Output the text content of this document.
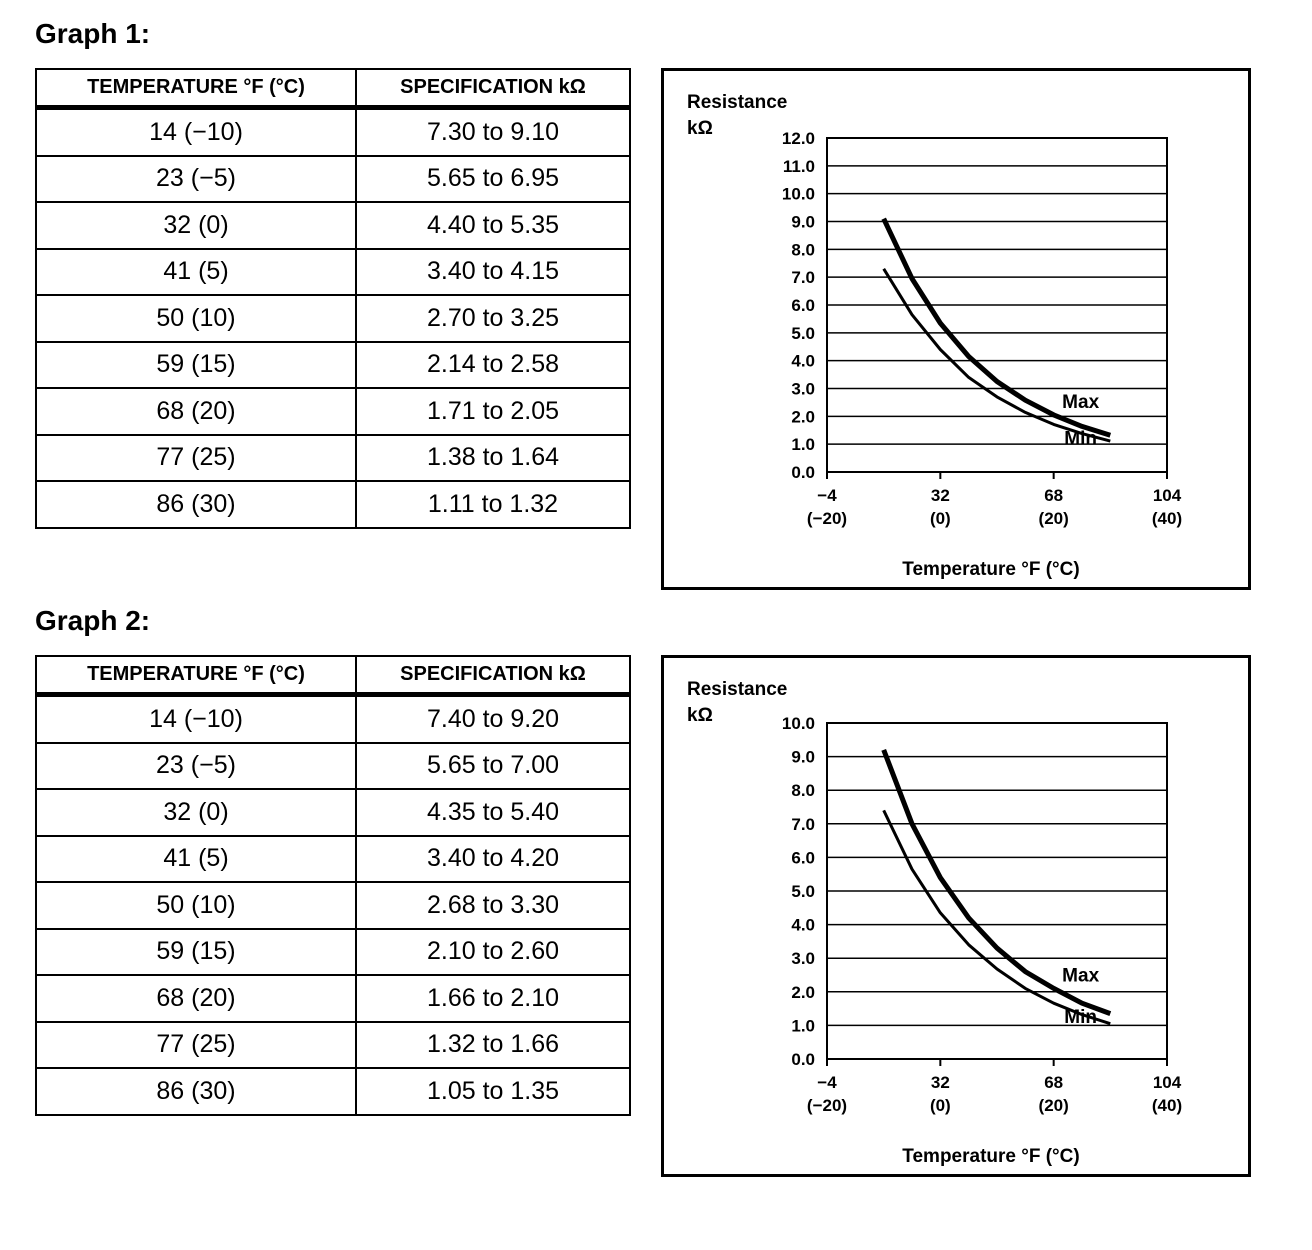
Graph 1:
TEMPERATURE °F (°C)	SPECIFICATION kΩ
14 (−10)	7.30 to 9.10
23 (−5)	5.65 to 6.95
32 (0)	4.40 to 5.35
41 (5)	3.40 to 4.15
50 (10)	2.70 to 3.25
59 (15)	2.14 to 2.58
68 (20)	1.71 to 2.05
77 (25)	1.38 to 1.64
86 (30)	1.11 to 1.32
0.0
1.0
2.0
3.0
4.0
5.0
6.0
7.0
8.0
9.0
10.0
11.0
12.0
−4
(−20)
32
(0)
68
(20)
104
(40)
Resistance
kΩ
Temperature °F (°C)
Max
Min
Graph 2:
TEMPERATURE °F (°C)	SPECIFICATION kΩ
14 (−10)	7.40 to 9.20
23 (−5)	5.65 to 7.00
32 (0)	4.35 to 5.40
41 (5)	3.40 to 4.20
50 (10)	2.68 to 3.30
59 (15)	2.10 to 2.60
68 (20)	1.66 to 2.10
77 (25)	1.32 to 1.66
86 (30)	1.05 to 1.35
0.0
1.0
2.0
3.0
4.0
5.0
6.0
7.0
8.0
9.0
10.0
−4
(−20)
32
(0)
68
(20)
104
(40)
Resistance
kΩ
Temperature °F (°C)
Max
Min
